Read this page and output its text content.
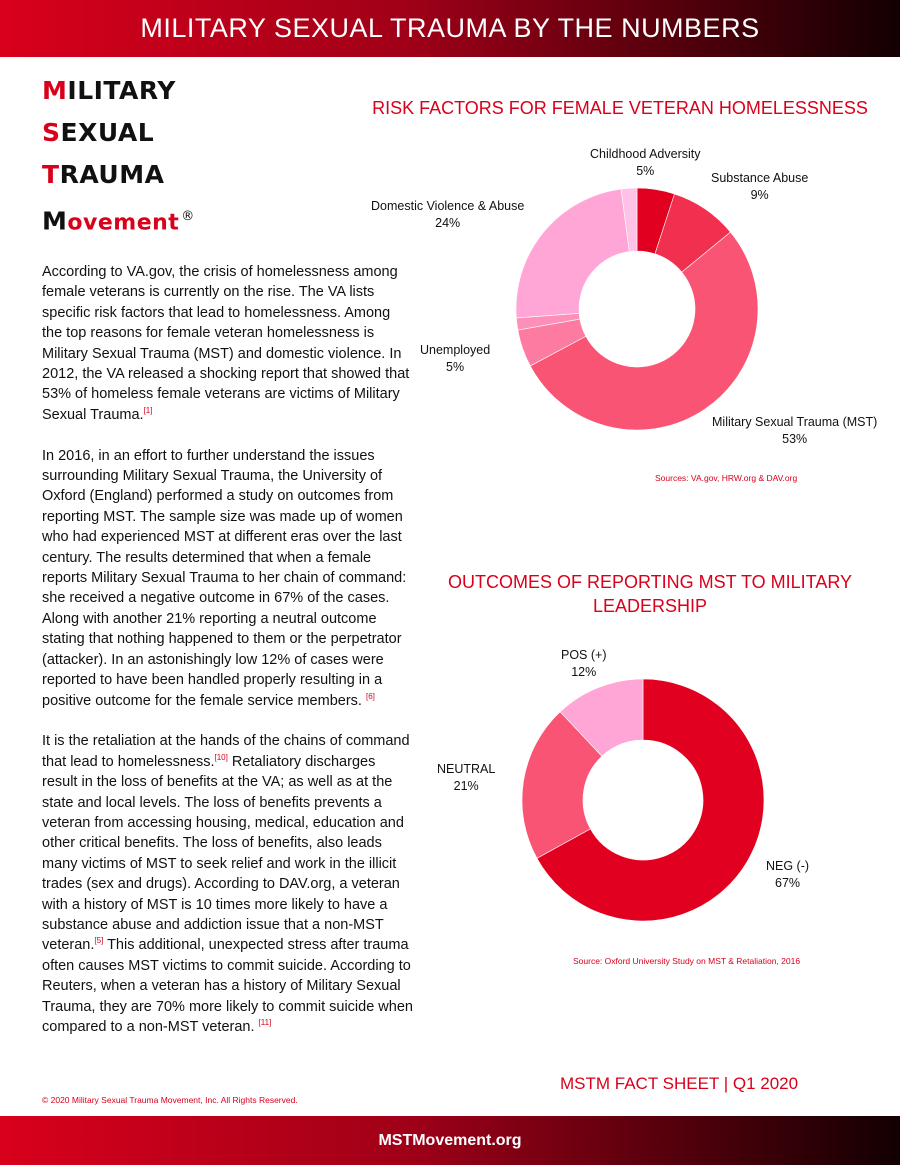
MILITARY SEXUAL TRAUMA BY THE NUMBERS
MILITARY
SEXUAL
TRAUMA
Movement ®

According to VA.gov, the crisis of homelessness among female veterans is currently on the rise. The VA lists specific risk factors that lead to homelessness. Among the top reasons for female veteran homelessness is Military Sexual Trauma (MST) and domestic violence. In 2012, the VA released a shocking report that showed that 53% of homeless female veterans are victims of Military Sexual Trauma.[1]

In 2016, in an effort to further understand the issues surrounding Military Sexual Trauma, the University of Oxford (England) performed a study on outcomes from reporting MST. The sample size was made up of women who had experienced MST at different eras over the last century. The results determined that when a female reports Military Sexual Trauma to her chain of command: she received a negative outcome in 67% of the cases. Along with another 21% reporting a neutral outcome stating that nothing happened to them or the perpetrator (attacker). In an astonishingly low 12% of cases were reported to have been handled properly resulting in a positive outcome for the female service members. [6]

It is the retaliation at the hands of the chains of command that lead to homelessness.[10] Retaliatory discharges result in the loss of benefits at the VA; as well as at the state and local levels. The loss of benefits prevents a veteran from accessing housing, medical, education and other critical benefits. The loss of benefits, also leads many victims of MST to seek relief and work in the illicit trades (sex and drugs). According to DAV.org, a veteran with a history of MST is 10 times more likely to have a substance abuse and addiction issue that a non-MST veteran.[5] This additional, unexpected stress after trauma often causes MST victims to commit suicide. According to Reuters, when a veteran has a history of Military Sexual Trauma, they are 70% more likely to commit suicide when compared to a non-MST veteran. [11]

© 2020 Military Sexual Trauma Movement, Inc. All Rights Reserved.
RISK FACTORS FOR FEMALE VETERAN HOMELESSNESS
Childhood Adversity
5%	Substance Abuse
9%
Domestic Violence & Abuse
24%
Unemployed
5%
Military Sexual Trauma (MST)
53%
Sources: VA.gov, HRW.org & DAV.org
OUTCOMES OF REPORTING MST TO MILITARY LEADERSHIP
POS (+)
12%
NEUTRAL
21%
NEG (-)
67%
Source: Oxford University Study on MST & Retaliation, 2016
MSTM FACT SHEET | Q1 2020
MSTMovement.org
